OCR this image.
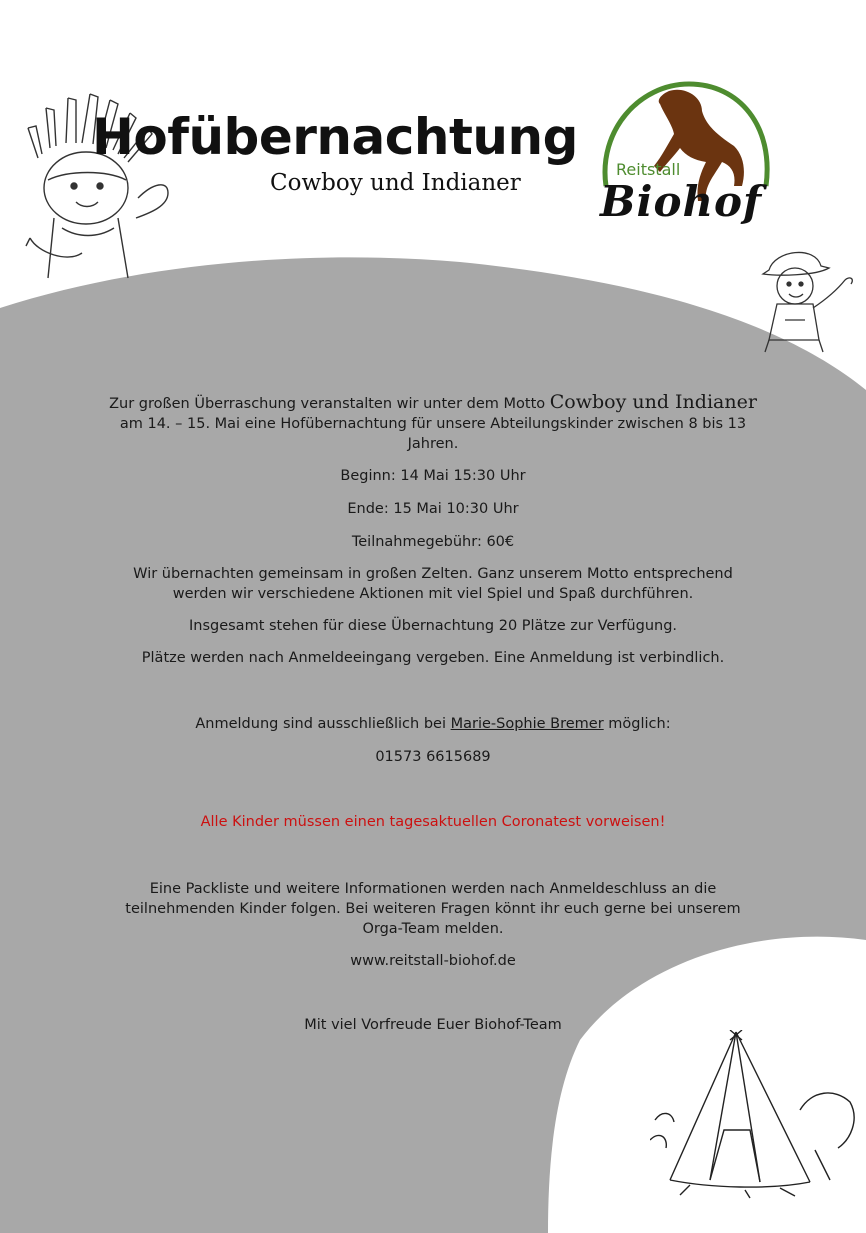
Hofübernachtung
Cowboy und Indianer
Reitstall
Biohof

Zur großen Überraschung veranstalten wir unter dem Motto Cowboy und Indianer
am 14. – 15. Mai eine Hofübernachtung für unsere Abteilungskinder zwischen 8 bis 13 Jahren.

Beginn: 14 Mai 15:30 Uhr

Ende: 15 Mai 10:30 Uhr

Teilnahmegebühr: 60€

Wir übernachten gemeinsam in großen Zelten. Ganz unserem Motto entsprechend werden wir verschiedene Aktionen mit viel Spiel und Spaß durchführen.

Insgesamt stehen für diese Übernachtung 20 Plätze zur Verfügung.

Plätze werden nach Anmeldeeingang vergeben. Eine Anmeldung ist verbindlich.

Anmeldung sind ausschließlich bei Marie-Sophie Bremer möglich:

01573 6615689

Alle Kinder müssen einen tagesaktuellen Coronatest vorweisen!

Eine Packliste und weitere Informationen werden nach Anmeldeschluss an die teilnehmenden Kinder folgen. Bei weiteren Fragen könnt ihr euch gerne bei unserem Orga-Team melden.

www.reitstall-biohof.de

Mit viel Vorfreude Euer Biohof-Team
